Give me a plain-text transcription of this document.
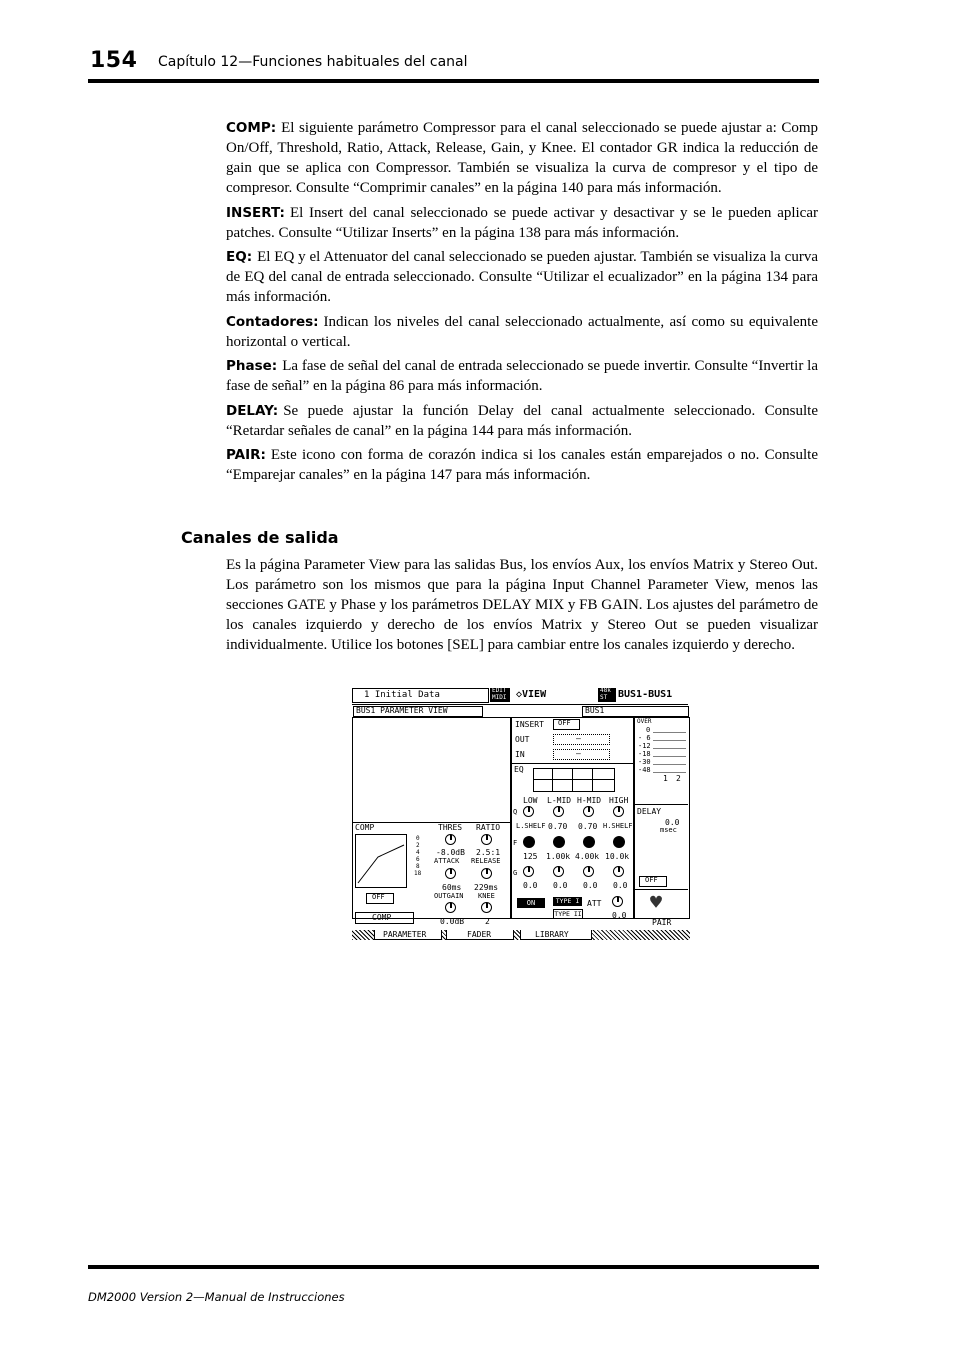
154 Capítulo 12—Funciones habituales del canal

COMP: El siguiente parámetro Compressor para el canal seleccionado se puede ajustar a: Comp On/Off, Threshold, Ratio, Attack, Release, Gain, y Knee. El contador GR indica la reducción de gain que se aplica con Compressor. También se visualiza la curva de compresor y el tipo de compresor. Consulte “Comprimir canales” en la página 140 para más información.

INSERT: El Insert del canal seleccionado se puede activar y desactivar y se le pueden aplicar patches. Consulte “Utilizar Inserts” en la página 138 para más información.

EQ: El EQ y el Attenuator del canal seleccionado se pueden ajustar. También se visualiza la curva de EQ del canal de entrada seleccionado. Consulte “Utilizar el ecualizador” en la página 134 para más información.

Contadores: Indican los niveles del canal seleccionado actualmente, así como su equivalente horizontal o vertical.

Phase: La fase de señal del canal de entrada seleccionado se puede invertir. Consulte “Invertir la fase de señal” en la página 86 para más información.

DELAY: Se puede ajustar la función Delay del canal actualmente seleccionado. Consulte “Retardar señales de canal” en la página 144 para más información.

PAIR: Este icono con forma de corazón indica si los canales están emparejados o no. Consulte “Emparejar canales” en la página 147 para más información.

Canales de salida

Es la página Parameter View para las salidas Bus, los envíos Aux, los envíos Matrix y Stereo Out. Los parámetro son los mismos que para la página Input Channel Parameter View, menos las secciones GATE y Phase y los parámetros DELAY MIX y FB GAIN. Los ajustes del parámetro de los canales izquierdo y derecho de los envíos Matrix y Stereo Out se pueden visualizar individualmente. Utilice los botones [SEL] para cambiar entre los canales izquierdo y derecho.

1 Initial Data	EDIT
MIDI ◇VIEW	48k
ST	BUS1-BUS1
BUS1 PARAMETER VIEW	BUS1
INSERT OFF
OUT	—
IN	—
OVER
0
- 6
-12
-18
-30
-48
1 2
EQ
LOW L-MID H-MID HIGH
Q
L.SHELF 0.70 0.70 H.SHELF
F
125 1.00k 4.00k 10.0k
G
0.0 0.0 0.0 0.0
ON	TYPE I
TYPE II
ATT
0.0
DELAY
0.0
msec
OFF
♥
PAIR
COMP
0
2
4
6
8
18
THRES RATIO
-8.0dB 2.5:1
ATTACK RELEASE
60ms 229ms
OFF
COMP
OUTGAIN KNEE
0.0dB	2
PARAMETER	FADER	LIBRARY
DM2000 Version 2—Manual de Instrucciones
